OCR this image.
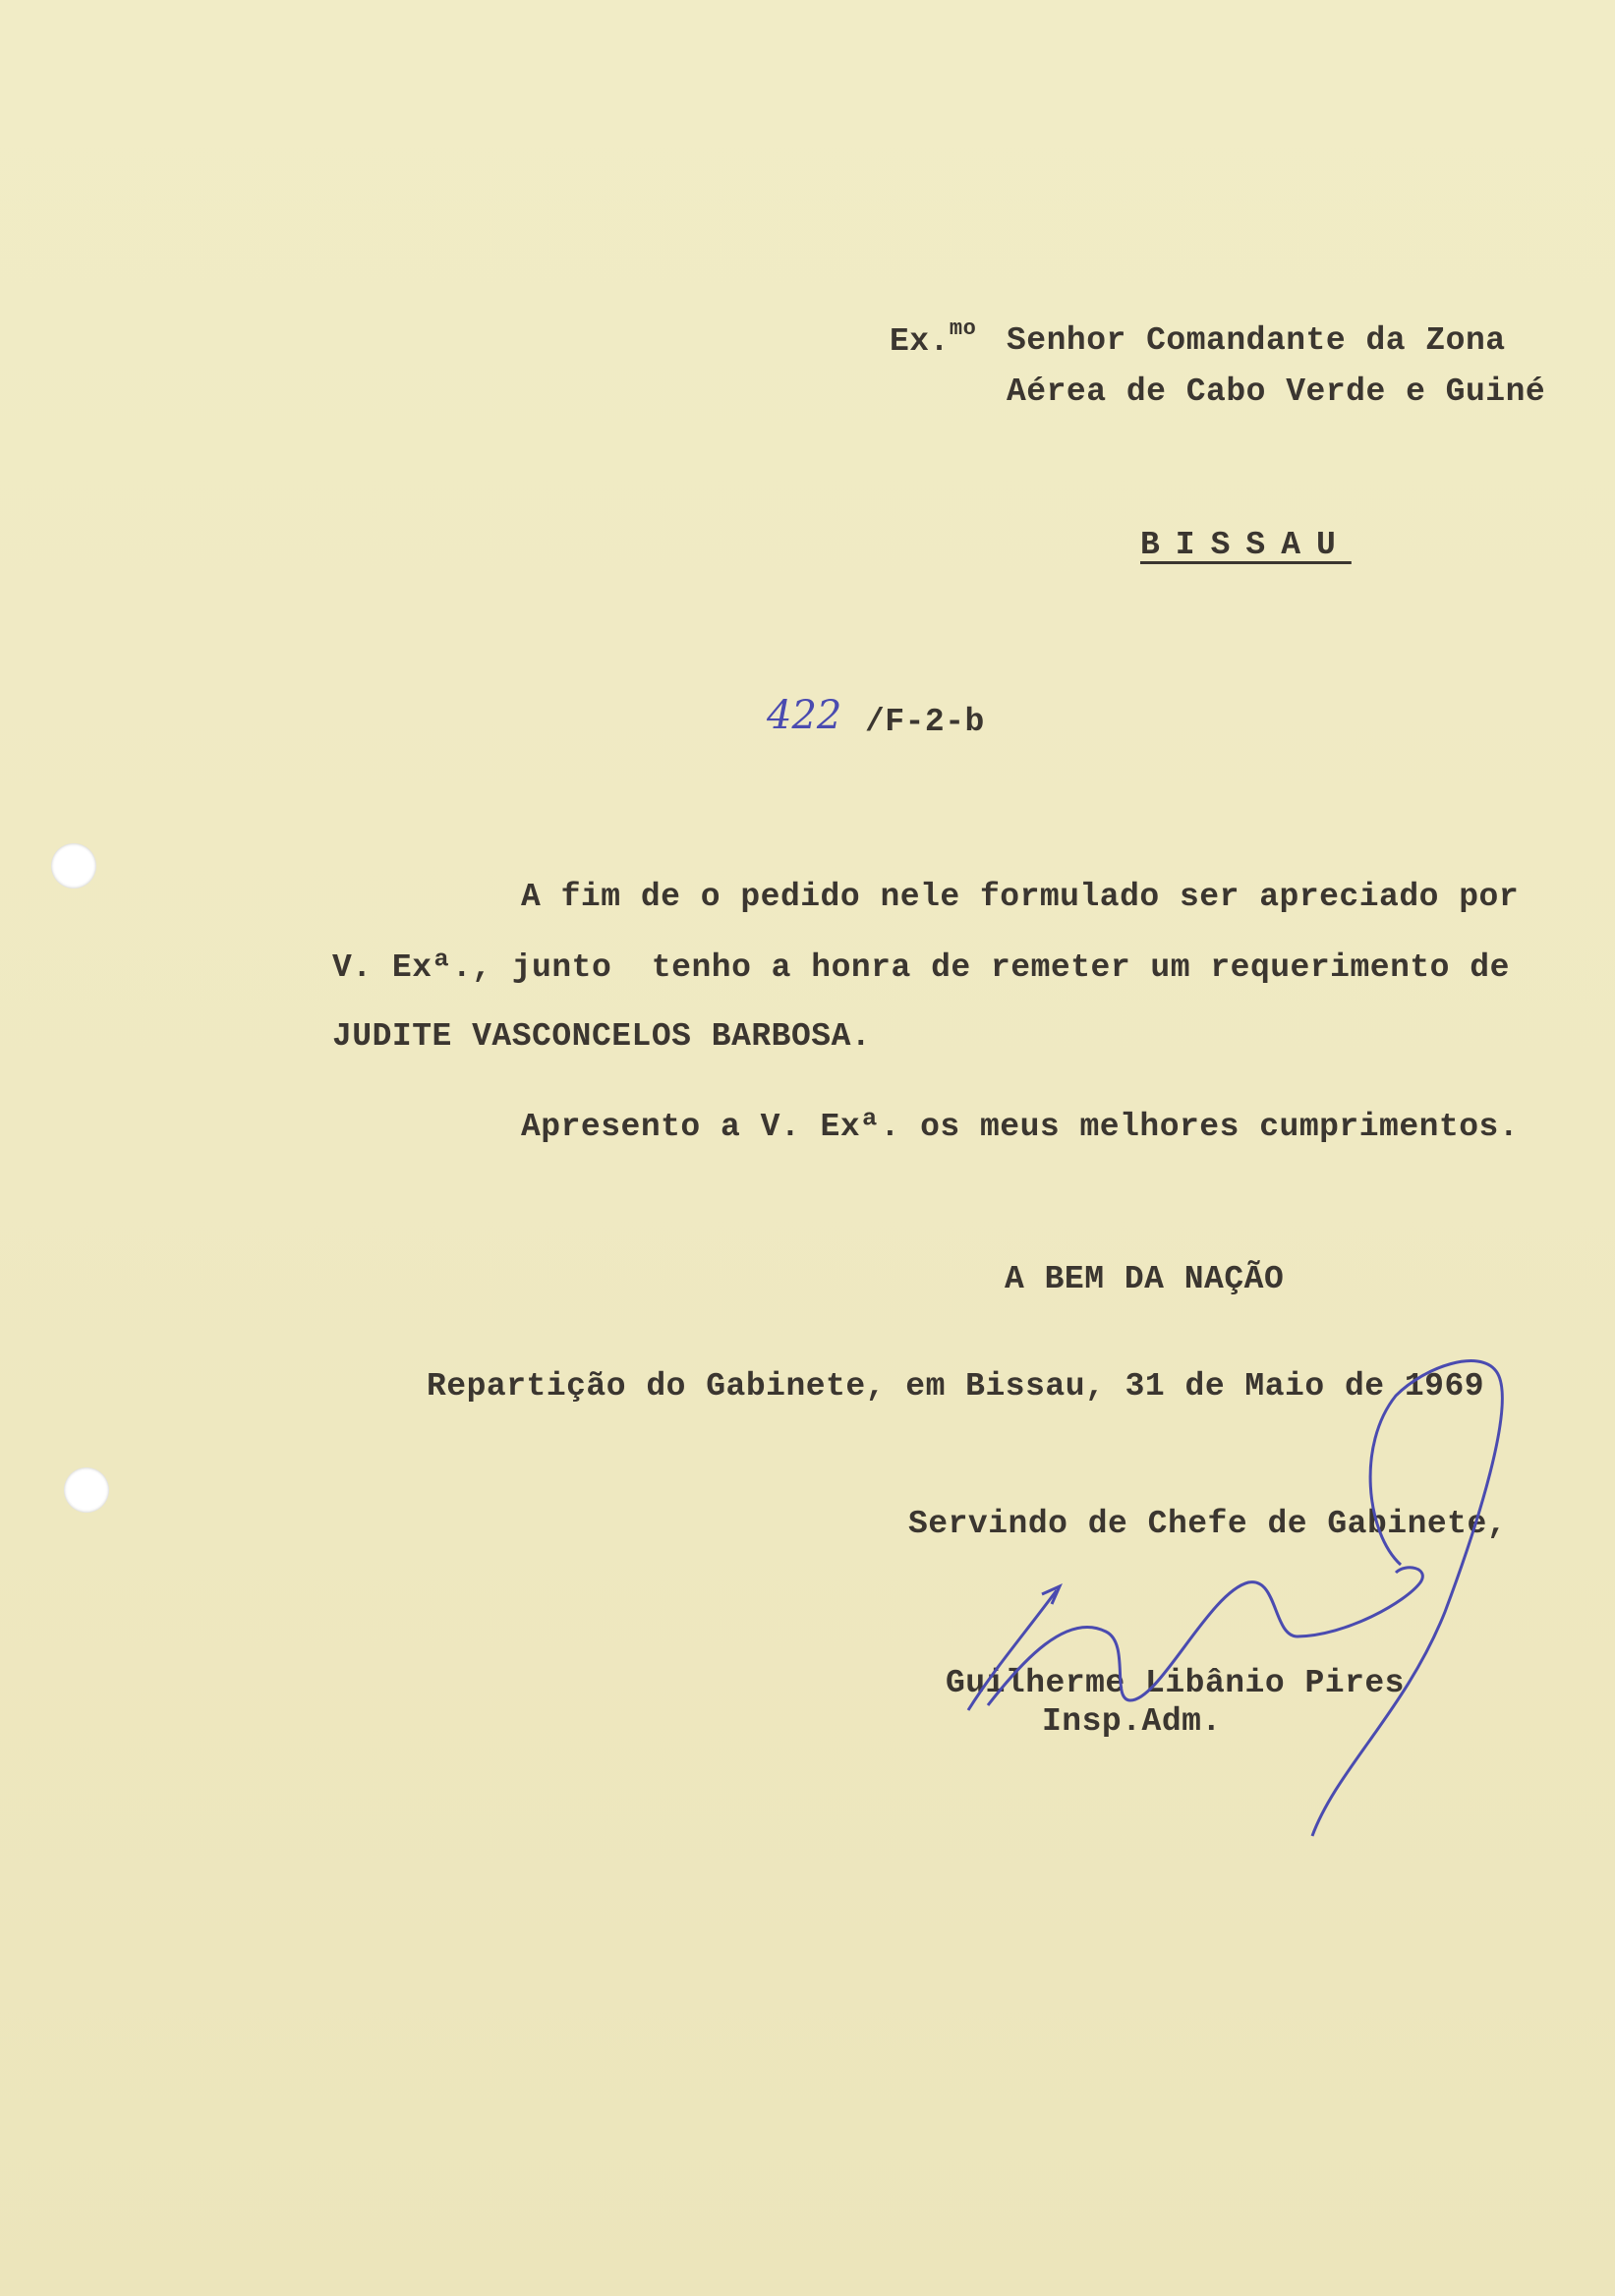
Ex.$^{mo}$ Senhor Comandante da Zona
Aérea de Cabo Verde e Guiné
BISSAU
422 /F-2-b
A fim de o pedido nele formulado ser apreciado por
V. Exª., junto  tenho a honra de remeter um requerimento de
JUDITE VASCONCELOS BARBOSA.
Apresento a V. Exª. os meus melhores cumprimentos.
A BEM DA NAÇÃO
Repartição do Gabinete, em Bissau, 31 de Maio de 1969
Servindo de Chefe de Gabinete,
Guilherme Libânio Pires
Insp.Adm.
